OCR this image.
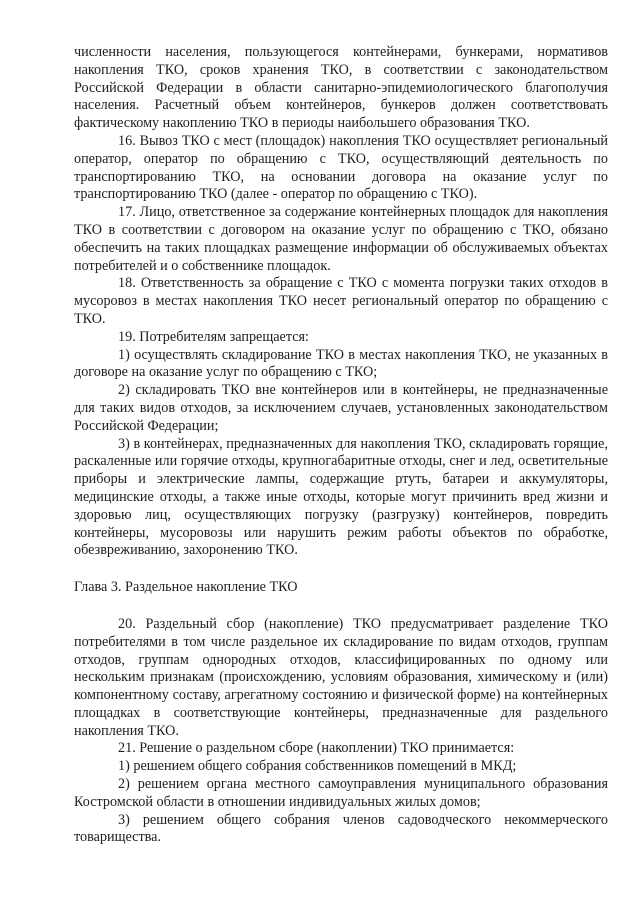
численности населения, пользующегося контейнерами, бункерами, нормативов накопления ТКО, сроков хранения ТКО, в соответствии с законодательством Российской Федерации в области санитарно-эпидемиологического благополучия населения. Расчетный объем контейнеров, бункеров должен соответствовать фактическому накоплению ТКО в периоды наибольшего образования ТКО.

16. Вывоз ТКО с мест (площадок) накопления ТКО осуществляет региональный оператор, оператор по обращению с ТКО, осуществляющий деятельность по транспортированию ТКО, на основании договора на оказание услуг по транспортированию ТКО (далее - оператор по обращению с ТКО).

17. Лицо, ответственное за содержание контейнерных площадок для накопления ТКО в соответствии с договором на оказание услуг по обращению с ТКО, обязано обеспечить на таких площадках размещение информации об обслуживаемых объектах потребителей и о собственнике площадок.

18. Ответственность за обращение с ТКО с момента погрузки таких отходов в мусоровоз в местах накопления ТКО несет региональный оператор по обращению с ТКО.

19. Потребителям запрещается:

1) осуществлять складирование ТКО в местах накопления ТКО, не указанных в договоре на оказание услуг по обращению с ТКО;

2) складировать ТКО вне контейнеров или в контейнеры, не предназначенные для таких видов отходов, за исключением случаев, установленных законодательством Российской Федерации;

3) в контейнерах, предназначенных для накопления ТКО, складировать горящие, раскаленные или горячие отходы, крупногабаритные отходы, снег и лед, осветительные приборы и электрические лампы, содержащие ртуть, батареи и аккумуляторы, медицинские отходы, а также иные отходы, которые могут причинить вред жизни и здоровью лиц, осуществляющих погрузку (разгрузку) контейнеров, повредить контейнеры, мусоровозы или нарушить режим работы объектов по обработке, обезвреживанию, захоронению ТКО.

Глава 3. Раздельное накопление ТКО

20. Раздельный сбор (накопление) ТКО предусматривает разделение ТКО потребителями в том числе раздельное их складирование по видам отходов, группам отходов, группам однородных отходов, классифицированных по одному или нескольким признакам (происхождению, условиям образования, химическому и (или) компонентному составу, агрегатному состоянию и физической форме) на контейнерных площадках в соответствующие контейнеры, предназначенные для раздельного накопления ТКО.

21. Решение о раздельном сборе (накоплении) ТКО принимается:

1) решением общего собрания собственников помещений в МКД;

2) решением органа местного самоуправления муниципального образования Костромской области в отношении индивидуальных жилых домов;

3) решением общего собрания членов садоводческого некоммерческого товарищества.
